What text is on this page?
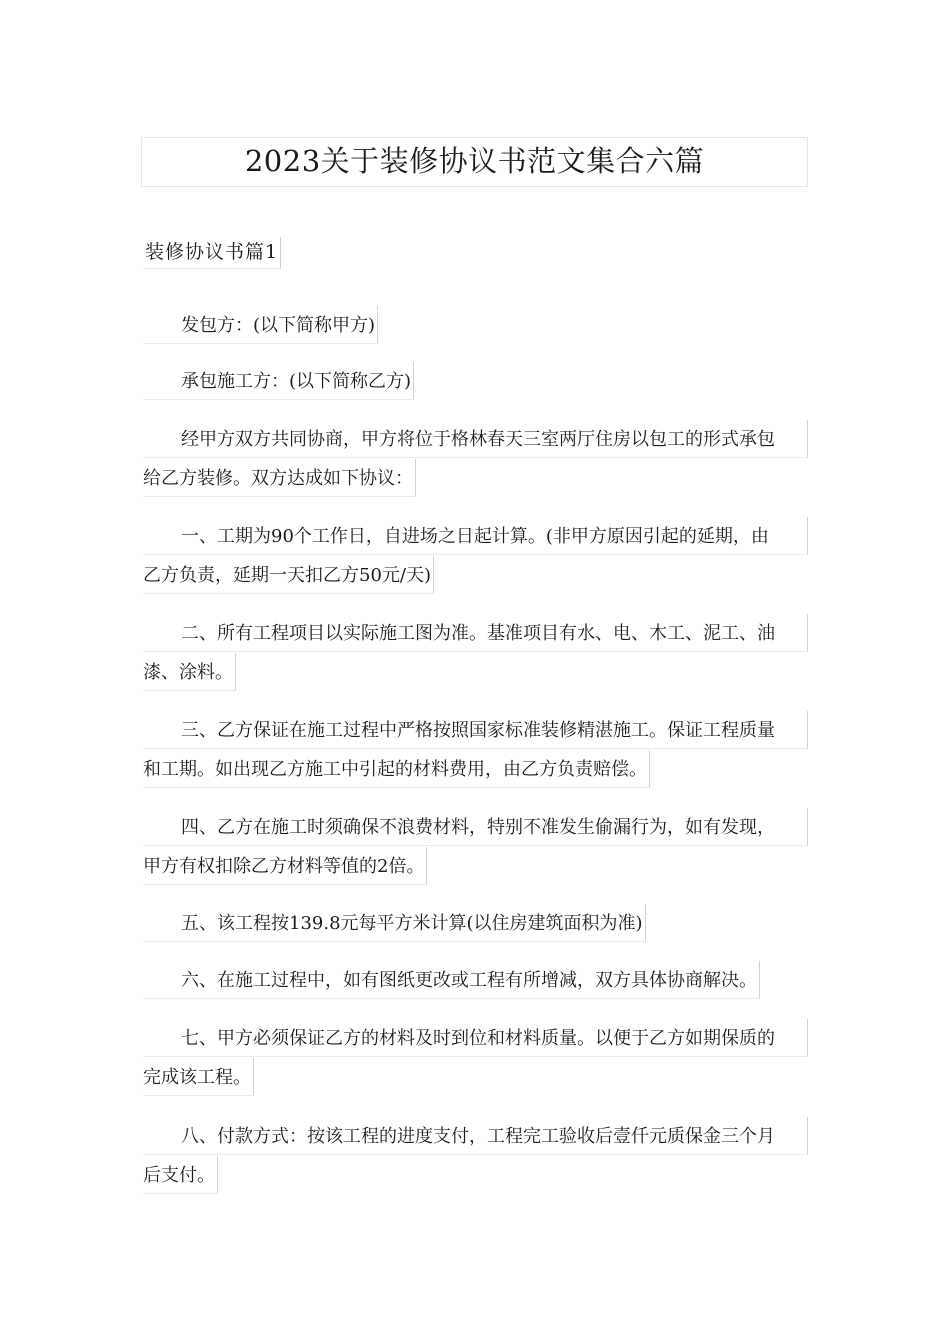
2023关于装修协议书范文集合六篇
装修协议书篇1
发包方：(以下简称甲方)
承包施工方：(以下简称乙方)
经甲方双方共同协商，甲方将位于格林春天三室两厅住房以包工的形式承包
给乙方装修。双方达成如下协议：
一、工期为90个工作日，自进场之日起计算。(非甲方原因引起的延期，由
乙方负责，延期一天扣乙方50元/天)
二、所有工程项目以实际施工图为准。基准项目有水、电、木工、泥工、油
漆、涂料。
三、乙方保证在施工过程中严格按照国家标准装修精湛施工。保证工程质量
和工期。如出现乙方施工中引起的材料费用，由乙方负责赔偿。
四、乙方在施工时须确保不浪费材料，特别不准发生偷漏行为，如有发现，
甲方有权扣除乙方材料等值的2倍。
五、该工程按139.8元每平方米计算(以住房建筑面积为准)
六、在施工过程中，如有图纸更改或工程有所增减，双方具体协商解决。
七、甲方必须保证乙方的材料及时到位和材料质量。以便于乙方如期保质的
完成该工程。
八、付款方式：按该工程的进度支付，工程完工验收后壹仟元质保金三个月
后支付。
